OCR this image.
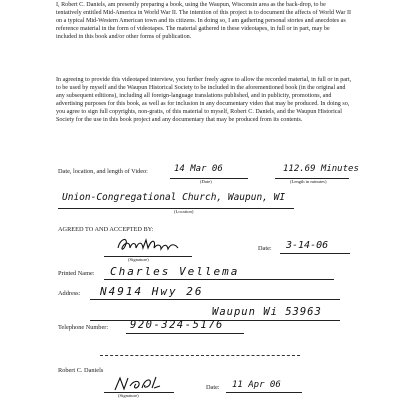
I, Robert C. Daniels, am presently preparing a book, using the Waupun, Wisconsin area as the back-drop, to be tentatively entitled Mid-America in World War II. The intention of this project is to document the affects of World War II on a typical Mid-Western American town and its citizens. In doing so, I am gathering personal stories and anecdotes as reference material in the form of videotapes. The material gathered in these videotapes, in full or in part, may be included in this book and/or other forms of publication.

In agreeing to provide this videotaped interview, you further freely agree to allow the recorded material, in full or in part, to be used by myself and the Waupun Historical Society to be included in the aforementioned book (in the original and any subsequent editions), including all foreign-language translations published, and in publicity, promotions, and advertising purposes for this book, as well as for inclusion in any documentary video that may be produced. In doing so, you agree to sign full copyrights, non-gratis, of this material to myself, Robert C. Daniels, and the Waupun Historical Society for the use in this book project and any documentary that may be produced from its contents.

Date, location, and length of Video:	14 Mar 06
(Date)
112.69 Minutes
(Length in minutes)
Union-Congregational Church, Waupun, WI
(Location)
AGREED TO AND ACCEPTED BY:
(Signature)
Date: 3-14-06
Printed Name: Charles Vellema
Address: N4914 Hwy 26
Waupun Wi 53963
Telephone Number: 920-324-5176
Robert C. Daniels
(Signature)
Date: 11 Apr 06
